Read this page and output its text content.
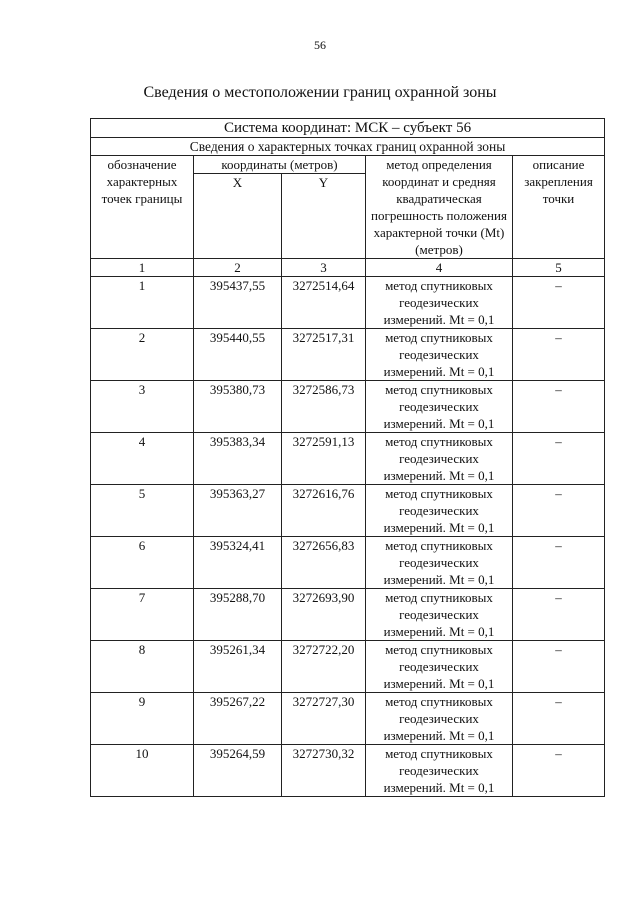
56
Сведения о местоположении границ охранной зоны
Система координат: МСК – субъект 56				
Сведения о характерных точках границ охранной зоны				
обозначение характерных точек границы	координаты (метров)		метод определения координат и средняя квадратическая погрешность положения характерной точки (Mt) (метров)	описание закрепления точки
	X	Y		
1	2	3	4	5
1	395437,55	3272514,64	метод спутниковых геодезических измерений. Mt = 0,1	–
2	395440,55	3272517,31	метод спутниковых геодезических измерений. Mt = 0,1	–
3	395380,73	3272586,73	метод спутниковых геодезических измерений. Mt = 0,1	–
4	395383,34	3272591,13	метод спутниковых геодезических измерений. Mt = 0,1	–
5	395363,27	3272616,76	метод спутниковых геодезических измерений. Mt = 0,1	–
6	395324,41	3272656,83	метод спутниковых геодезических измерений. Mt = 0,1	–
7	395288,70	3272693,90	метод спутниковых геодезических измерений. Mt = 0,1	–
8	395261,34	3272722,20	метод спутниковых геодезических измерений. Mt = 0,1	–
9	395267,22	3272727,30	метод спутниковых геодезических измерений. Mt = 0,1	–
10	395264,59	3272730,32	метод спутниковых геодезических измерений. Mt = 0,1	–
